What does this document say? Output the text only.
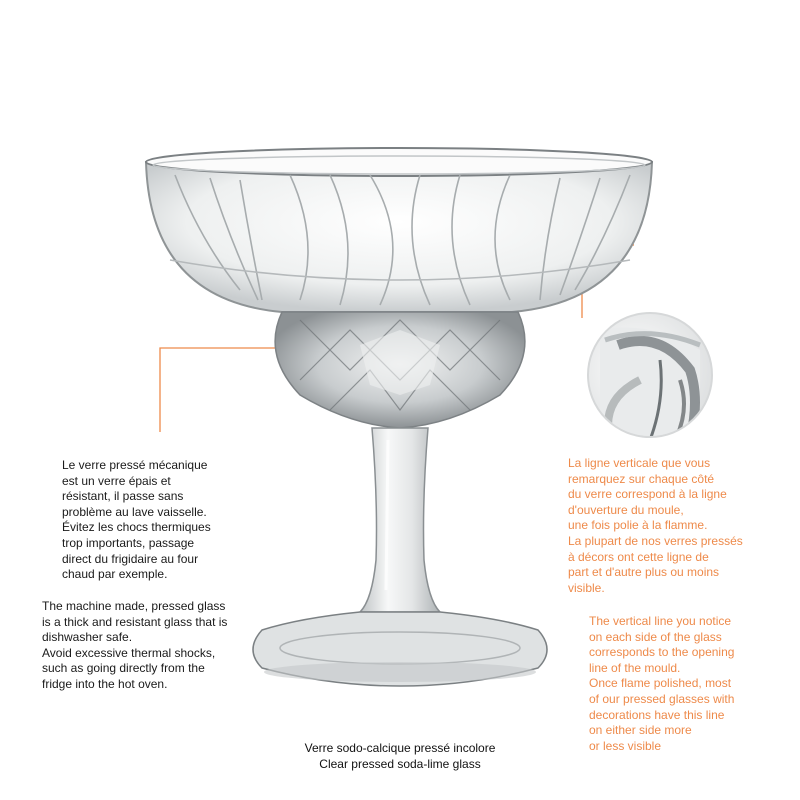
Le verre pressé mécanique
est un verre épais et
résistant, il passe sans
problème au lave vaisselle.
Évitez les chocs thermiques
trop importants, passage
direct du frigidaire au four
chaud par exemple.
The machine made, pressed glass
is a thick and resistant glass that is
dishwasher safe.
Avoid excessive thermal shocks,
such as going directly from the
fridge into the hot oven.
La ligne verticale que vous
remarquez sur chaque côté
du verre correspond à la ligne
d'ouverture du moule,
une fois polie à la flamme.
La plupart de nos verres pressés
à décors ont cette ligne de
part et d'autre plus ou moins
visible.
The vertical line you notice
on each side of the glass
corresponds to the opening
line of the mould.
Once flame polished, most
of our pressed glasses with
decorations have this line
on either side more
or less visible
Verre sodo-calcique pressé incolore
Clear pressed soda-lime glass
